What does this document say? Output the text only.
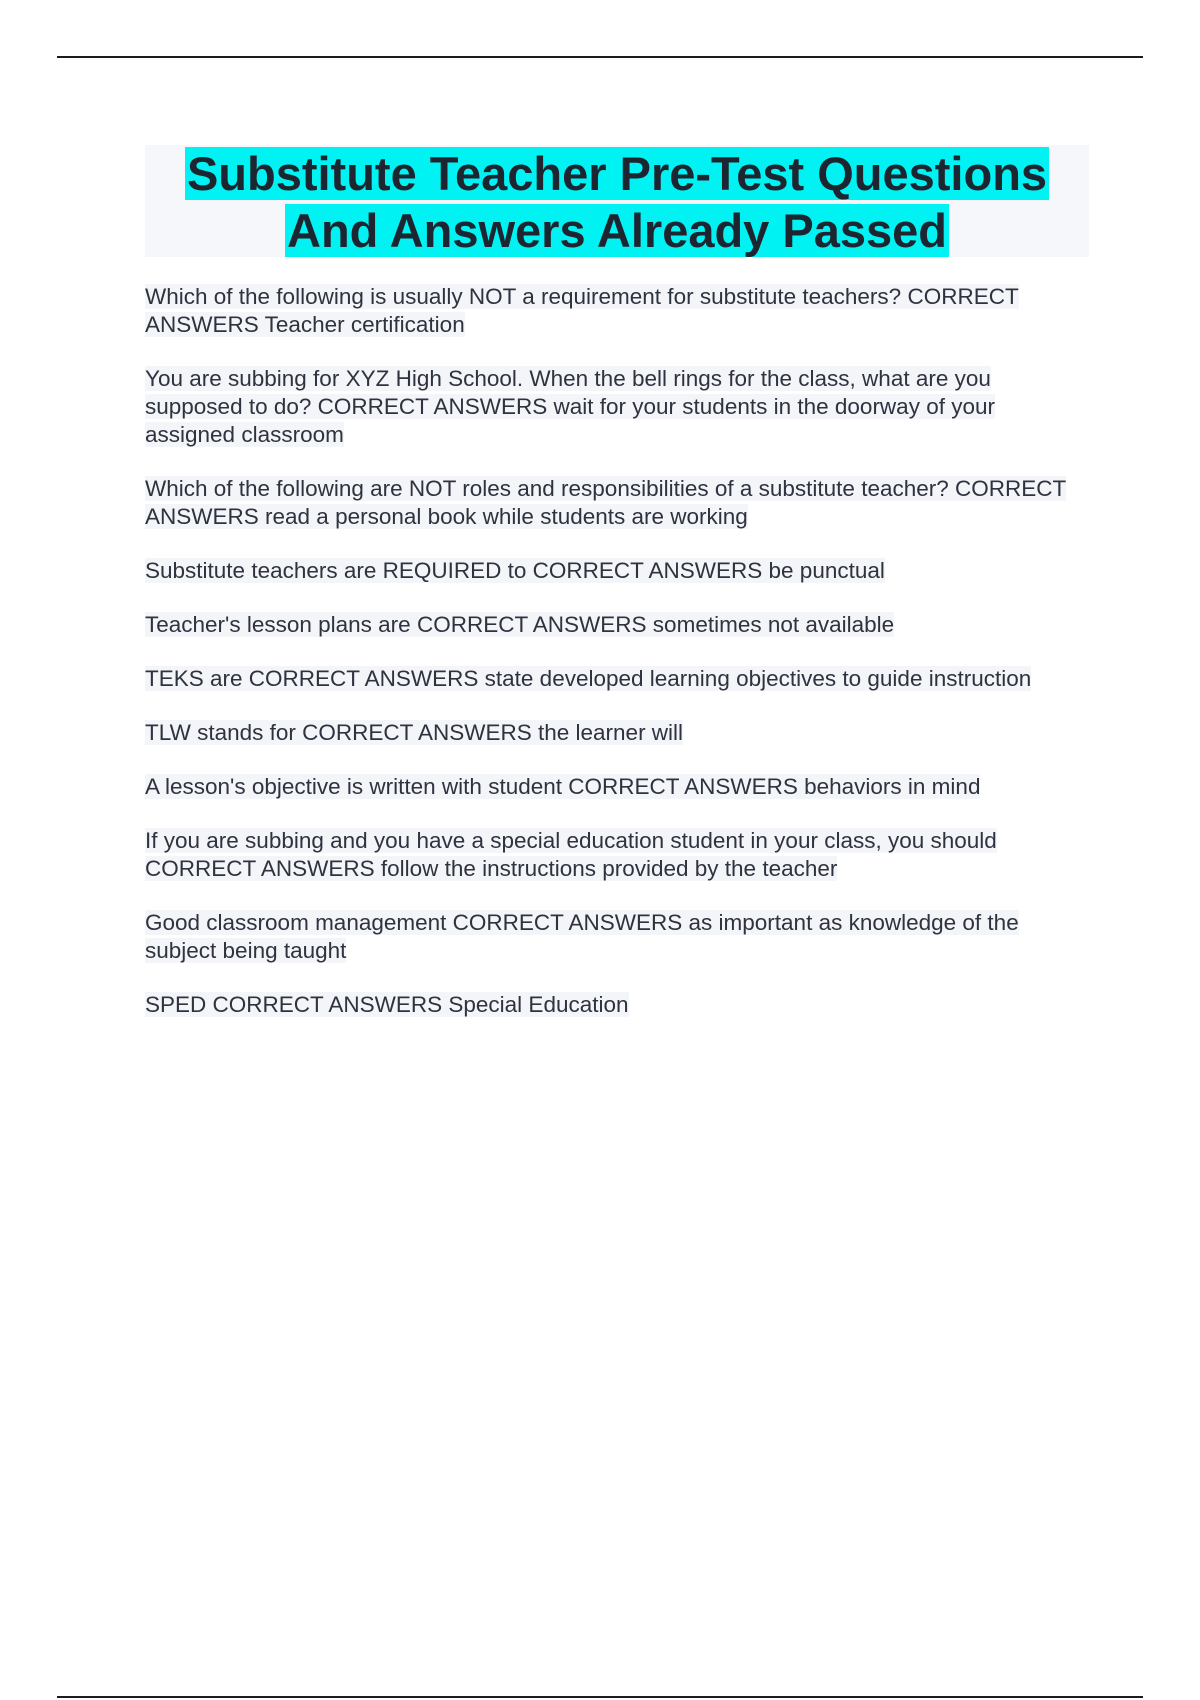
Substitute Teacher Pre-Test Questions
And Answers Already Passed
Which of the following is usually NOT a requirement for substitute teachers? CORRECT ANSWERS Teacher certification
You are subbing for XYZ High School. When the bell rings for the class, what are you supposed to do? CORRECT ANSWERS wait for your students in the doorway of your assigned classroom
Which of the following are NOT roles and responsibilities of a substitute teacher? CORRECT ANSWERS read a personal book while students are working
Substitute teachers are REQUIRED to CORRECT ANSWERS be punctual
Teacher's lesson plans are CORRECT ANSWERS sometimes not available
TEKS are CORRECT ANSWERS state developed learning objectives to guide instruction
TLW stands for CORRECT ANSWERS the learner will
A lesson's objective is written with student CORRECT ANSWERS behaviors in mind
If you are subbing and you have a special education student in your class, you should CORRECT ANSWERS follow the instructions provided by the teacher
Good classroom management CORRECT ANSWERS as important as knowledge of the subject being taught
SPED CORRECT ANSWERS Special Education
